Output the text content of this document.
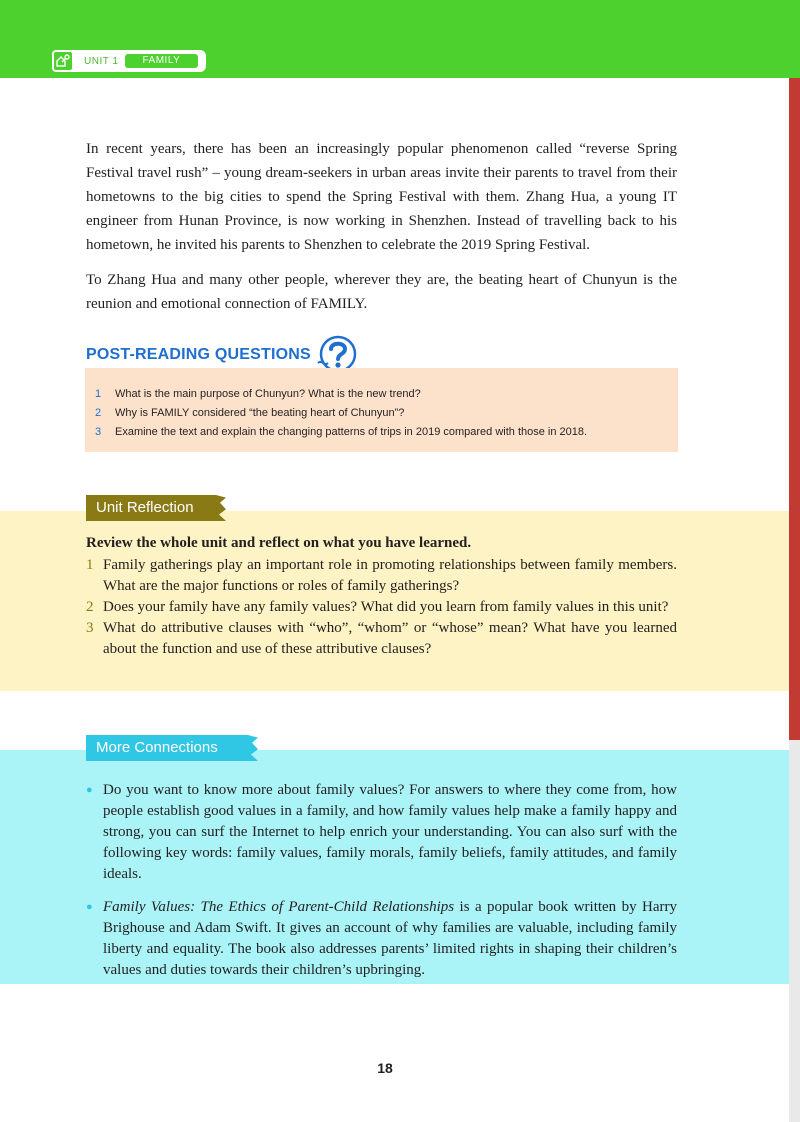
UNIT 1	FAMILY

In recent years, there has been an increasingly popular phenomenon called “reverse Spring Festival travel rush” – young dream-seekers in urban areas invite their parents to travel from their hometowns to the big cities to spend the Spring Festival with them. Zhang Hua, a young IT engineer from Hunan Province, is now working in Shenzhen. Instead of travelling back to his hometown, he invited his parents to Shenzhen to celebrate the 2019 Spring Festival.

To Zhang Hua and many other people, wherever they are, the beating heart of Chunyun is the reunion and emotional connection of FAMILY.

POST-READING QUESTIONS
1	What is the main purpose of Chunyun? What is the new trend?
2	Why is FAMILY considered “the beating heart of Chunyun”?
3	Examine the text and explain the changing patterns of trips in 2019 compared with those in 2018.
Unit Reflection

Review the whole unit and reflect on what you have learned.

1 Family gatherings play an important role in promoting relationships between family members. What are the major functions or roles of family gatherings?
2 Does your family have any family values? What did you learn from family values in this unit?
3 What do attributive clauses with “who”, “whom” or “whose” mean? What have you learned about the function and use of these attributive clauses?
More Connections
● Do you want to know more about family values? For answers to where they come from, how people establish good values in a family, and how family values help make a family happy and strong, you can surf the Internet to help enrich your understanding. You can also surf with the following key words: family values, family morals, family beliefs, family attitudes, and family ideals.
● Family Values: The Ethics of Parent-Child Relationships is a popular book written by Harry Brighouse and Adam Swift. It gives an account of why families are valuable, including family liberty and equality. The book also addresses parents’ limited rights in shaping their children’s values and duties towards their children’s upbringing.
18
